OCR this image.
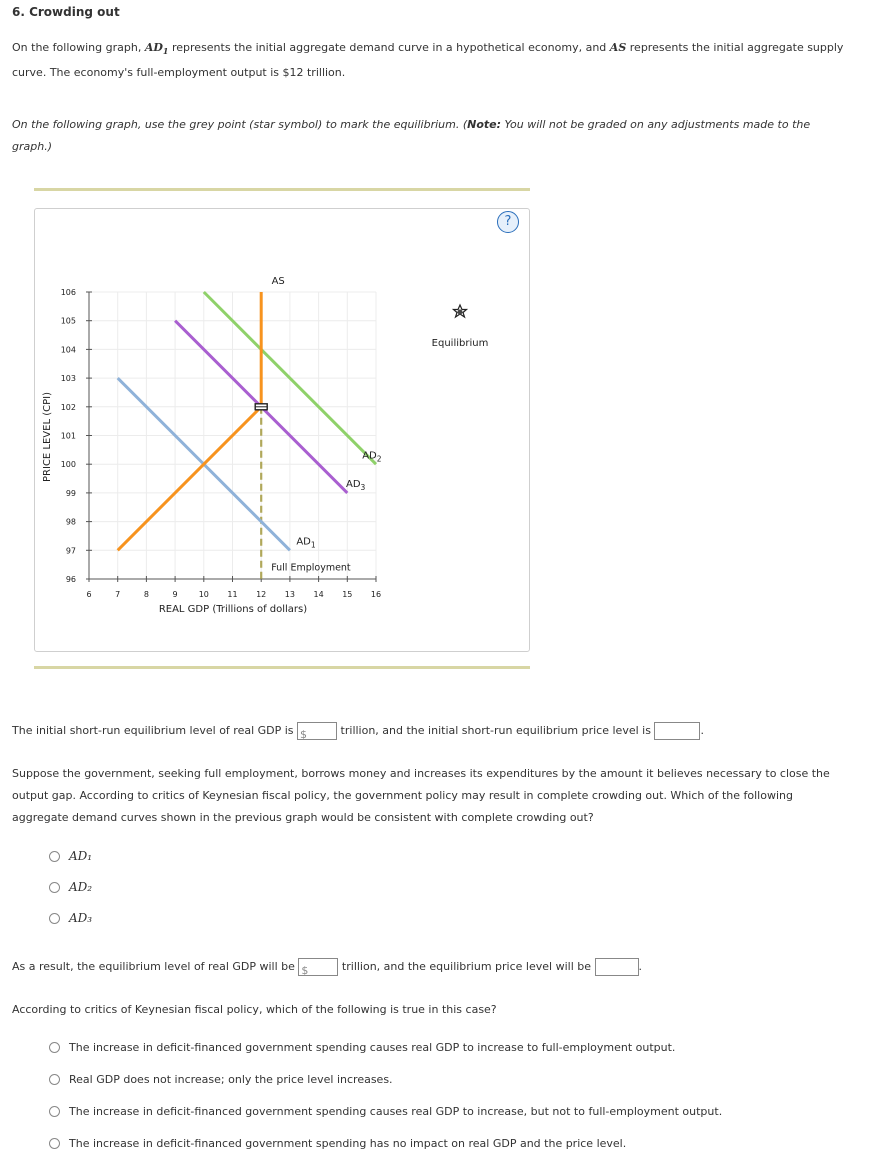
6. Crowding out
On the following graph, $AD_1$ represents the initial aggregate demand curve in a hypothetical economy, and AS represents the initial aggregate supply
curve. The economy's full-employment output is $12 trillion.
On the following graph, use the grey point (star symbol) to mark the equilibrium. (Note: You will not be graded on any adjustments made to the
graph.)
?
6	7	8	9	10 11 12 13 14 15 16
96
97
98
99
100
101
102
103
104
105
106
Full Employment
AS
$AD_1$
$AD_2$
$AD_3$
REAL GDP (Trillions of dollars)
PRICE LEVEL (CPI)
Equilibrium
The initial short-run equilibrium level of real GDP is $	trillion, and the initial short-run equilibrium price level is	.
Suppose the government, seeking full employment, borrows money and increases its expenditures by the amount it believes necessary to close the
output gap. According to critics of Keynesian fiscal policy, the government policy may result in complete crowding out. Which of the following
aggregate demand curves shown in the previous graph would be consistent with complete crowding out?
AD₁
AD₂
AD₃
As a result, the equilibrium level of real GDP will be $	trillion, and the equilibrium price level will be	.
According to critics of Keynesian fiscal policy, which of the following is true in this case?
The increase in deficit-financed government spending causes real GDP to increase to full-employment output.
Real GDP does not increase; only the price level increases.
The increase in deficit-financed government spending causes real GDP to increase, but not to full-employment output.
The increase in deficit-financed government spending has no impact on real GDP and the price level.
